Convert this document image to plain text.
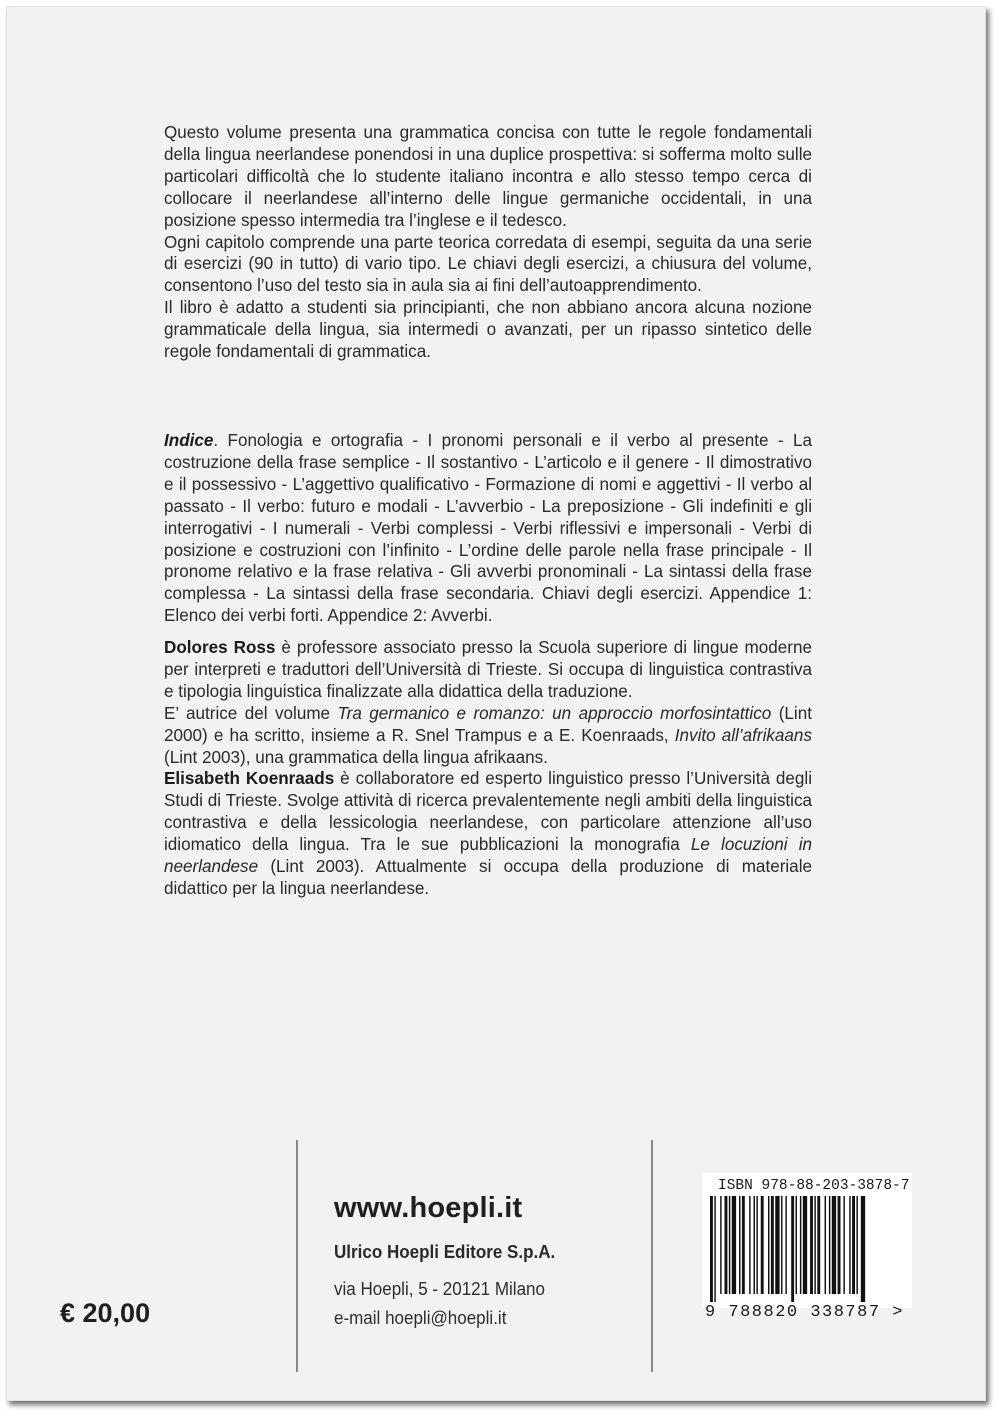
Questo volume presenta una grammatica concisa con tutte le regole fondamentali della lingua neerlandese ponendosi in una duplice prospettiva: si sofferma molto sulle particolari difficoltà che lo studente italiano incontra e allo stesso tempo cerca di collocare il neerlandese all’interno delle lingue germaniche occidentali, in una posizione spesso intermedia tra l’inglese e il tedesco.

Ogni capitolo comprende una parte teorica corredata di esempi, seguita da una serie di esercizi (90 in tutto) di vario tipo. Le chiavi degli esercizi, a chiusura del volume, consentono l’uso del testo sia in aula sia ai fini dell’autoapprendimento.

Il libro è adatto a studenti sia principianti, che non abbiano ancora alcuna nozione grammaticale della lingua, sia intermedi o avanzati, per un ripasso sintetico delle regole fondamentali di grammatica.

Indice. Fonologia e ortografia - I pronomi personali e il verbo al presente - La costruzione della frase semplice - Il sostantivo - L’articolo e il genere - Il dimostrativo e il possessivo - L’aggettivo qualificativo - Formazione di nomi e aggettivi - Il verbo al passato - Il verbo: futuro e modali - L’avverbio - La preposizione - Gli indefiniti e gli interrogativi - I numerali - Verbi complessi - Verbi riflessivi e impersonali - Verbi di posizione e costruzioni con l’infinito - L’ordine delle parole nella frase principale - Il pronome relativo e la frase relativa - Gli avverbi pronominali - La sintassi della frase complessa - La sintassi della frase secondaria. Chiavi degli esercizi. Appendice 1: Elenco dei verbi forti. Appendice 2: Avverbi.

Dolores Ross è professore associato presso la Scuola superiore di lingue moderne per interpreti e traduttori dell’Università di Trieste. Si occupa di linguistica contrastiva e tipologia linguistica finalizzate alla didattica della traduzione.

E’ autrice del volume Tra germanico e romanzo: un approccio morfosintattico (Lint 2000) e ha scritto, insieme a R. Snel Trampus e a E. Koenraads, Invito all’afrikaans (Lint 2003), una grammatica della lingua afrikaans.

Elisabeth Koenraads è collaboratore ed esperto linguistico presso l’Università degli Studi di Trieste. Svolge attività di ricerca prevalentemente negli ambiti della linguistica contrastiva e della lessicologia neerlandese, con particolare attenzione all’uso idiomatico della lingua. Tra le sue pubblicazioni la monografia Le locuzioni in neerlandese (Lint 2003). Attualmente si occupa della produzione di materiale didattico per la lingua neerlandese.

www.hoepli.it
Ulrico Hoepli Editore S.p.A.
via Hoepli, 5 - 20121 Milano
e-mail hoepli@hoepli.it
€ 20,00
ISBN 978-88-203-3878-7
9 788820 338787 >
